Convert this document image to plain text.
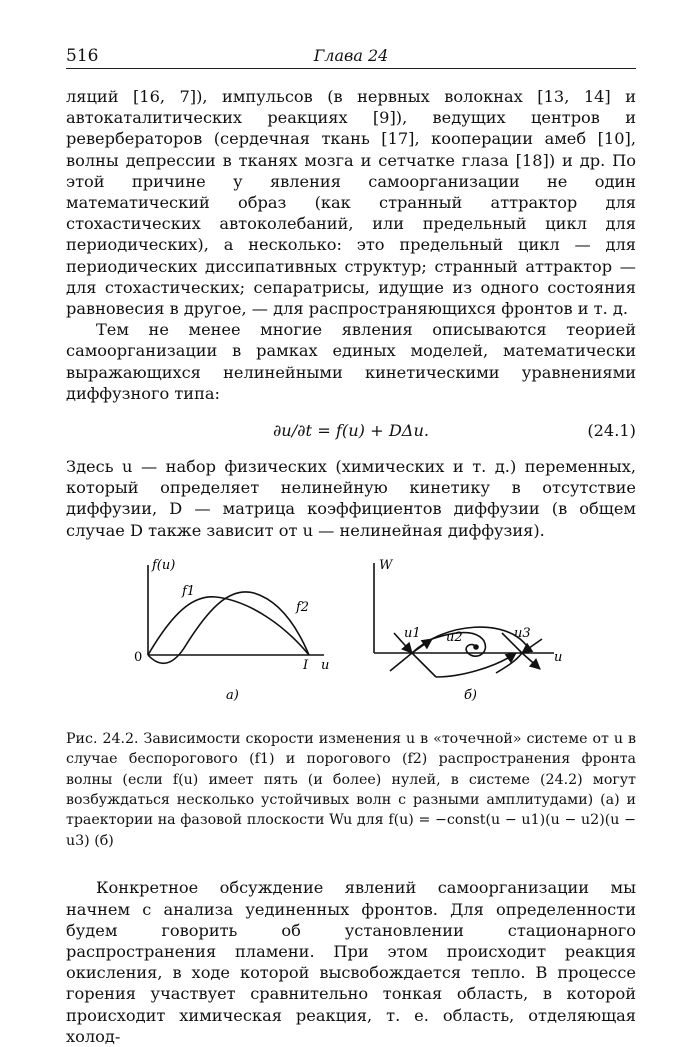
516	Глава 24

ляций [16, 7]), импульсов (в нервных волокнах [13, 14] и автокаталитических реакциях [9]), ведущих центров и ревербераторов (сердечная ткань [17], кооперации амеб [10], волны депрессии в тканях мозга и сетчатке глаза [18]) и др. По этой причине у явления самоорганизации не один математический образ (как странный аттрактор для стохастических автоколебаний, или предельный цикл для периодических), а несколько: это предельный цикл — для периодических диссипативных структур; странный аттрактор — для стохастических; сепаратрисы, идущие из одного состояния равновесия в другое, — для распространяющихся фронтов и т. д.

Тем не менее многие явления описываются теорией самоорганизации в рамках единых моделей, математически выражающихся нелинейными кинетическими уравнениями диффузного типа:

∂u/∂t = f(u) + DΔu.	(24.1)

Здесь u — набор физических (химических и т. д.) переменных, который определяет нелинейную кинетику в отсутствие диффузии, D — матрица коэффициентов диффузии (в общем случае D также зависит от u — нелинейная диффузия).

f(u)
f1
f2
0
I u
а)
W
u1 u2	u3
u
б)

Рис. 24.2. Зависимости скорости изменения u в «точечной» системе от u в случае беспорогового (f1) и порогового (f2) распространения фронта волны (если f(u) имеет пять (и более) нулей, в системе (24.2) могут возбуждаться несколько устойчивых волн с разными амплитудами) (а) и траектории на фазовой плоскости Wu для f(u) = −const(u − u1)(u − u2)(u − u3) (б)

Конкретное обсуждение явлений самоорганизации мы начнем с анализа уединенных фронтов. Для определенности будем говорить об установлении стационарного распространения пламени. При этом происходит реакция окисления, в ходе которой высвобождается тепло. В процессе горения участвует сравнительно тонкая область, в которой происходит химическая реакция, т. е. область, отделяющая холод-
